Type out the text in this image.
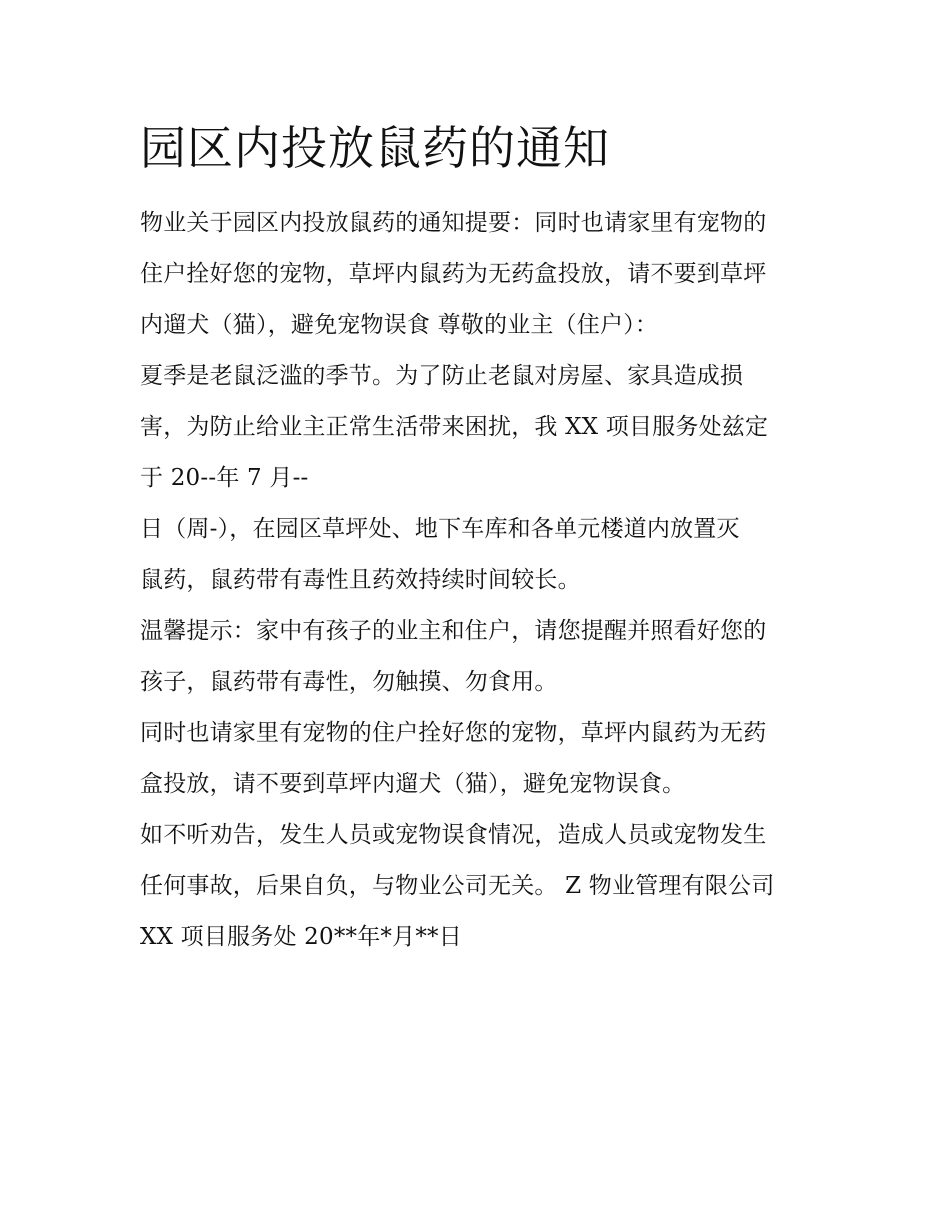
园区内投放鼠药的通知

物业关于园区内投放鼠药的通知提要：同时也请家里有宠物的
住户拴好您的宠物，草坪内鼠药为无药盒投放，请不要到草坪
内遛犬（猫），避免宠物误食 尊敬的业主（住户）：

夏季是老鼠泛滥的季节。为了防止老鼠对房屋、家具造成损
害，为防止给业主正常生活带来困扰，我 XX 项目服务处兹定
于 20--年 7 月--

日（周-），在园区草坪处、地下车库和各单元楼道内放置灭
鼠药，鼠药带有毒性且药效持续时间较长。

温馨提示：家中有孩子的业主和住户，请您提醒并照看好您的
孩子，鼠药带有毒性，勿触摸、勿食用。

同时也请家里有宠物的住户拴好您的宠物，草坪内鼠药为无药
盒投放，请不要到草坪内遛犬（猫），避免宠物误食。

如不听劝告，发生人员或宠物误食情况，造成人员或宠物发生
任何事故，后果自负，与物业公司无关。 Z 物业管理有限公司
XX 项目服务处 20**年*月**日
